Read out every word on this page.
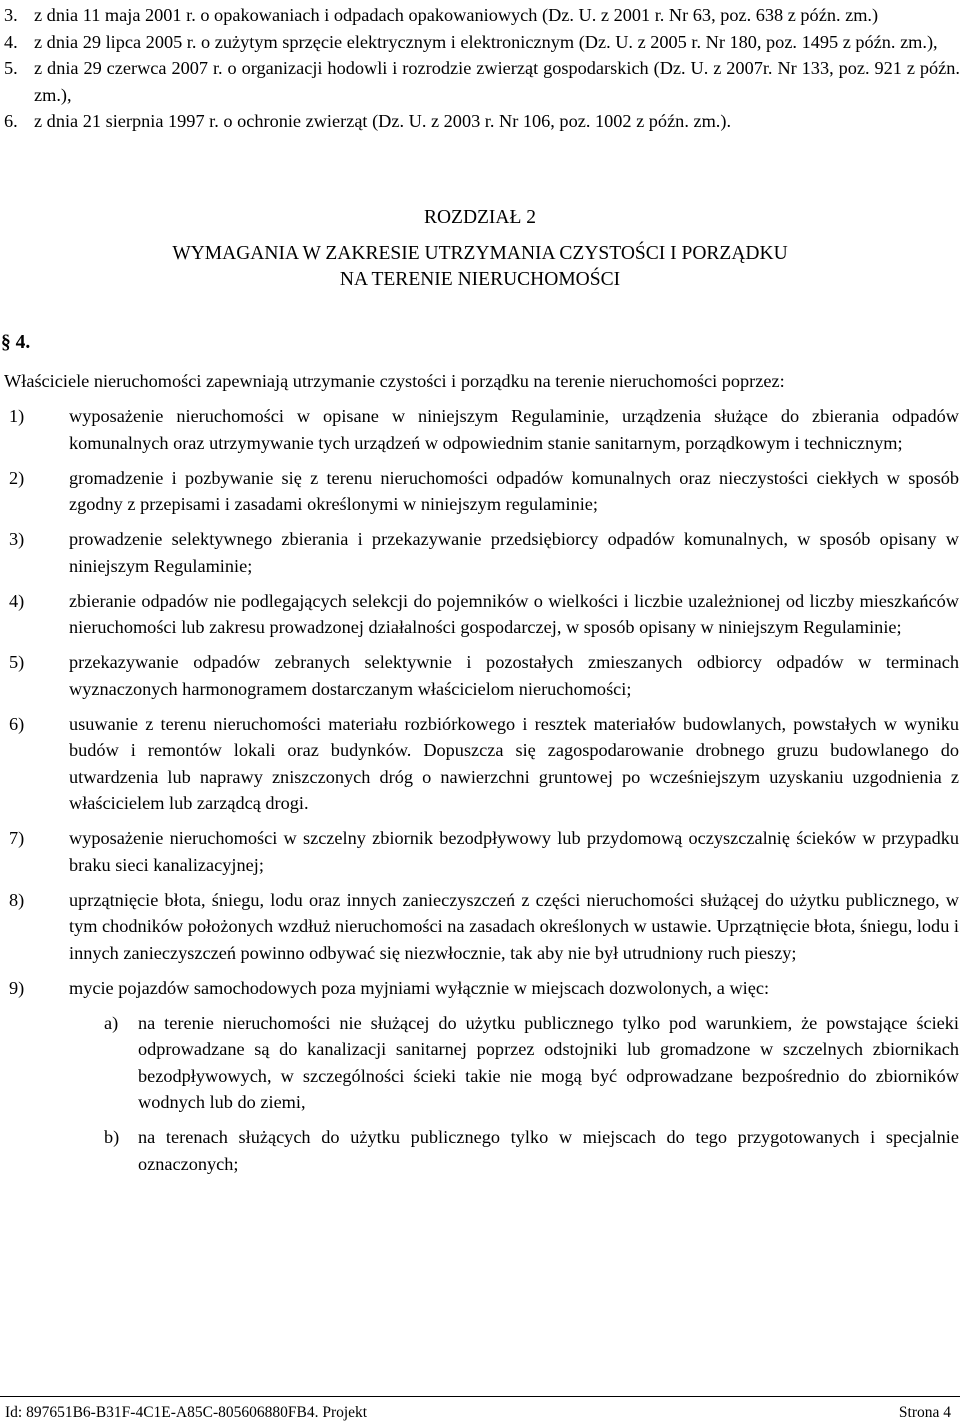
3. z dnia 11 maja 2001 r. o opakowaniach i odpadach opakowaniowych (Dz. U. z 2001 r. Nr 63, poz. 638 z późn. zm.)
4. z dnia 29 lipca 2005 r. o zużytym sprzęcie elektrycznym i elektronicznym (Dz. U. z 2005 r. Nr 180, poz. 1495 z późn. zm.),
5. z dnia 29 czerwca 2007 r. o organizacji hodowli i rozrodzie zwierząt gospodarskich (Dz. U. z 2007r. Nr 133, poz. 921 z późn. zm.),
6. z dnia 21 sierpnia 1997 r. o ochronie zwierząt (Dz. U. z 2003 r. Nr 106, poz. 1002 z późn. zm.).
ROZDZIAŁ 2
WYMAGANIA W ZAKRESIE UTRZYMANIA CZYSTOŚCI I PORZĄDKU
NA TERENIE NIERUCHOMOŚCI
§ 4.
Właściciele nieruchomości zapewniają utrzymanie czystości i porządku na terenie nieruchomości poprzez:
1) wyposażenie nieruchomości w opisane w niniejszym Regulaminie, urządzenia służące do zbierania odpadów komunalnych oraz utrzymywanie tych urządzeń w odpowiednim stanie sanitarnym, porządkowym i technicznym;
2) gromadzenie i pozbywanie się z terenu nieruchomości odpadów komunalnych oraz nieczystości ciekłych w sposób zgodny z przepisami i zasadami określonymi w niniejszym regulaminie;
3) prowadzenie selektywnego zbierania i przekazywanie przedsiębiorcy odpadów komunalnych, w sposób opisany w niniejszym Regulaminie;
4) zbieranie odpadów nie podlegających selekcji do pojemników o wielkości i liczbie uzależnionej od liczby mieszkańców nieruchomości lub zakresu prowadzonej działalności gospodarczej, w sposób opisany w niniejszym Regulaminie;
5) przekazywanie odpadów zebranych selektywnie i pozostałych zmieszanych odbiorcy odpadów w terminach wyznaczonych harmonogramem dostarczanym właścicielom nieruchomości;
6) usuwanie z terenu nieruchomości materiału rozbiórkowego i resztek materiałów budowlanych, powstałych w wyniku budów i remontów lokali oraz budynków. Dopuszcza się zagospodarowanie drobnego gruzu budowlanego do utwardzenia lub naprawy zniszczonych dróg o nawierzchni gruntowej po wcześniejszym uzyskaniu uzgodnienia z właścicielem lub zarządcą drogi.
7) wyposażenie nieruchomości w szczelny zbiornik bezodpływowy lub przydomową oczyszczalnię ścieków w przypadku braku sieci kanalizacyjnej;
8) uprzątnięcie błota, śniegu, lodu oraz innych zanieczyszczeń z części nieruchomości służącej do użytku publicznego, w tym chodników położonych wzdłuż nieruchomości na zasadach określonych w ustawie. Uprzątnięcie błota, śniegu, lodu i innych zanieczyszczeń powinno odbywać się niezwłocznie, tak aby nie był utrudniony ruch pieszy;
9) mycie pojazdów samochodowych poza myjniami wyłącznie w miejscach dozwolonych, a więc:
a) na terenie nieruchomości nie służącej do użytku publicznego tylko pod warunkiem, że powstające ścieki odprowadzane są do kanalizacji sanitarnej poprzez odstojniki lub gromadzone w szczelnych zbiornikach bezodpływowych, w szczególności ścieki takie nie mogą być odprowadzane bezpośrednio do zbiorników wodnych lub do ziemi,
b) na terenach służących do użytku publicznego tylko w miejscach do tego przygotowanych i specjalnie oznaczonych;
Id: 897651B6-B31F-4C1E-A85C-805606880FB4. Projekt	Strona 4
